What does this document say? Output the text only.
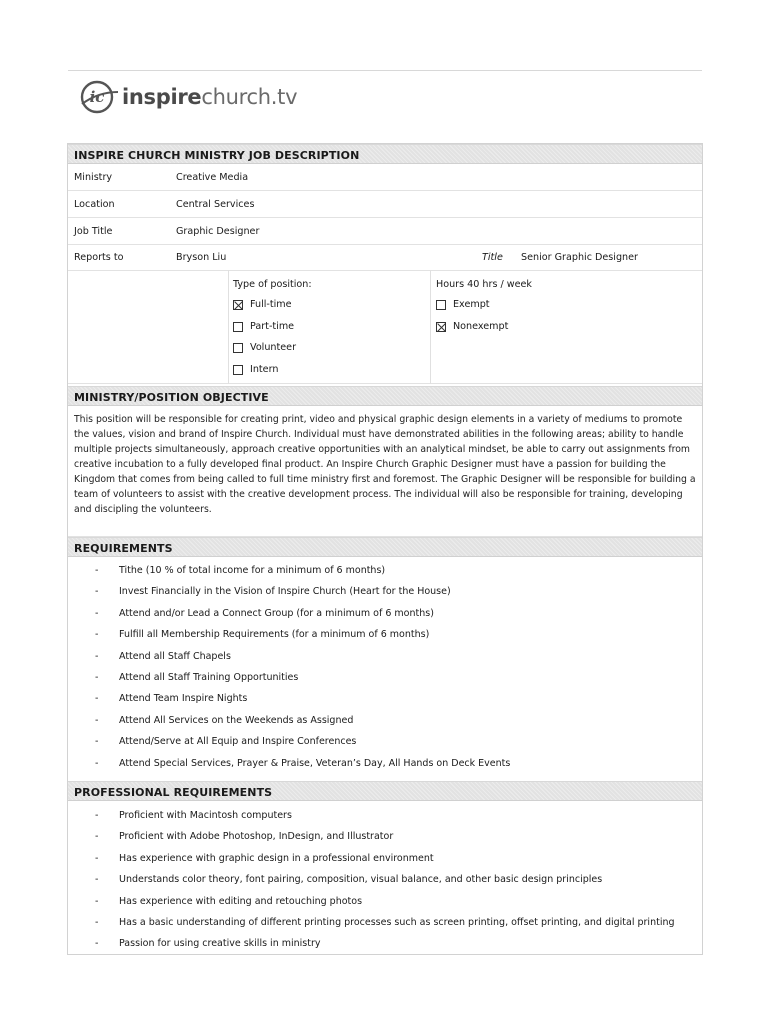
ic inspirechurch.tv
INSPIRE CHURCH MINISTRY JOB DESCRIPTION
Ministry	Creative Media
Location	Central Services
Job Title	Graphic Designer
Reports to	Bryson Liu	Title Senior Graphic Designer
Type of position:	Hours 40 hrs / week
Full-time
Part-time
Volunteer
Intern
Exempt
Nonexempt
MINISTRY/POSITION OBJECTIVE
This position will be responsible for creating print, video and physical graphic design elements in a variety of mediums to promote the values, vision and brand of Inspire Church. Individual must have demonstrated abilities in the following areas; ability to handle multiple projects simultaneously, approach creative opportunities with an analytical mindset, be able to carry out assignments from creative incubation to a fully developed final product. An Inspire Church Graphic Designer must have a passion for building the Kingdom that comes from being called to full time ministry first and foremost. The Graphic Designer will be responsible for building a team of volunteers to assist with the creative development process. The individual will also be responsible for training, developing and discipling the volunteers.
REQUIREMENTS
- Tithe (10 % of total income for a minimum of 6 months)
- Invest Financially in the Vision of Inspire Church (Heart for the House)
- Attend and/or Lead a Connect Group (for a minimum of 6 months)
- Fulfill all Membership Requirements (for a minimum of 6 months)
- Attend all Staff Chapels
- Attend all Staff Training Opportunities
- Attend Team Inspire Nights
- Attend All Services on the Weekends as Assigned
- Attend/Serve at All Equip and Inspire Conferences
- Attend Special Services, Prayer & Praise, Veteran’s Day, All Hands on Deck Events
PROFESSIONAL REQUIREMENTS
- Proficient with Macintosh computers
- Proficient with Adobe Photoshop, InDesign, and Illustrator
- Has experience with graphic design in a professional environment
- Understands color theory, font pairing, composition, visual balance, and other basic design principles
- Has experience with editing and retouching photos
- Has a basic understanding of different printing processes such as screen printing, offset printing, and digital printing
- Passion for using creative skills in ministry
